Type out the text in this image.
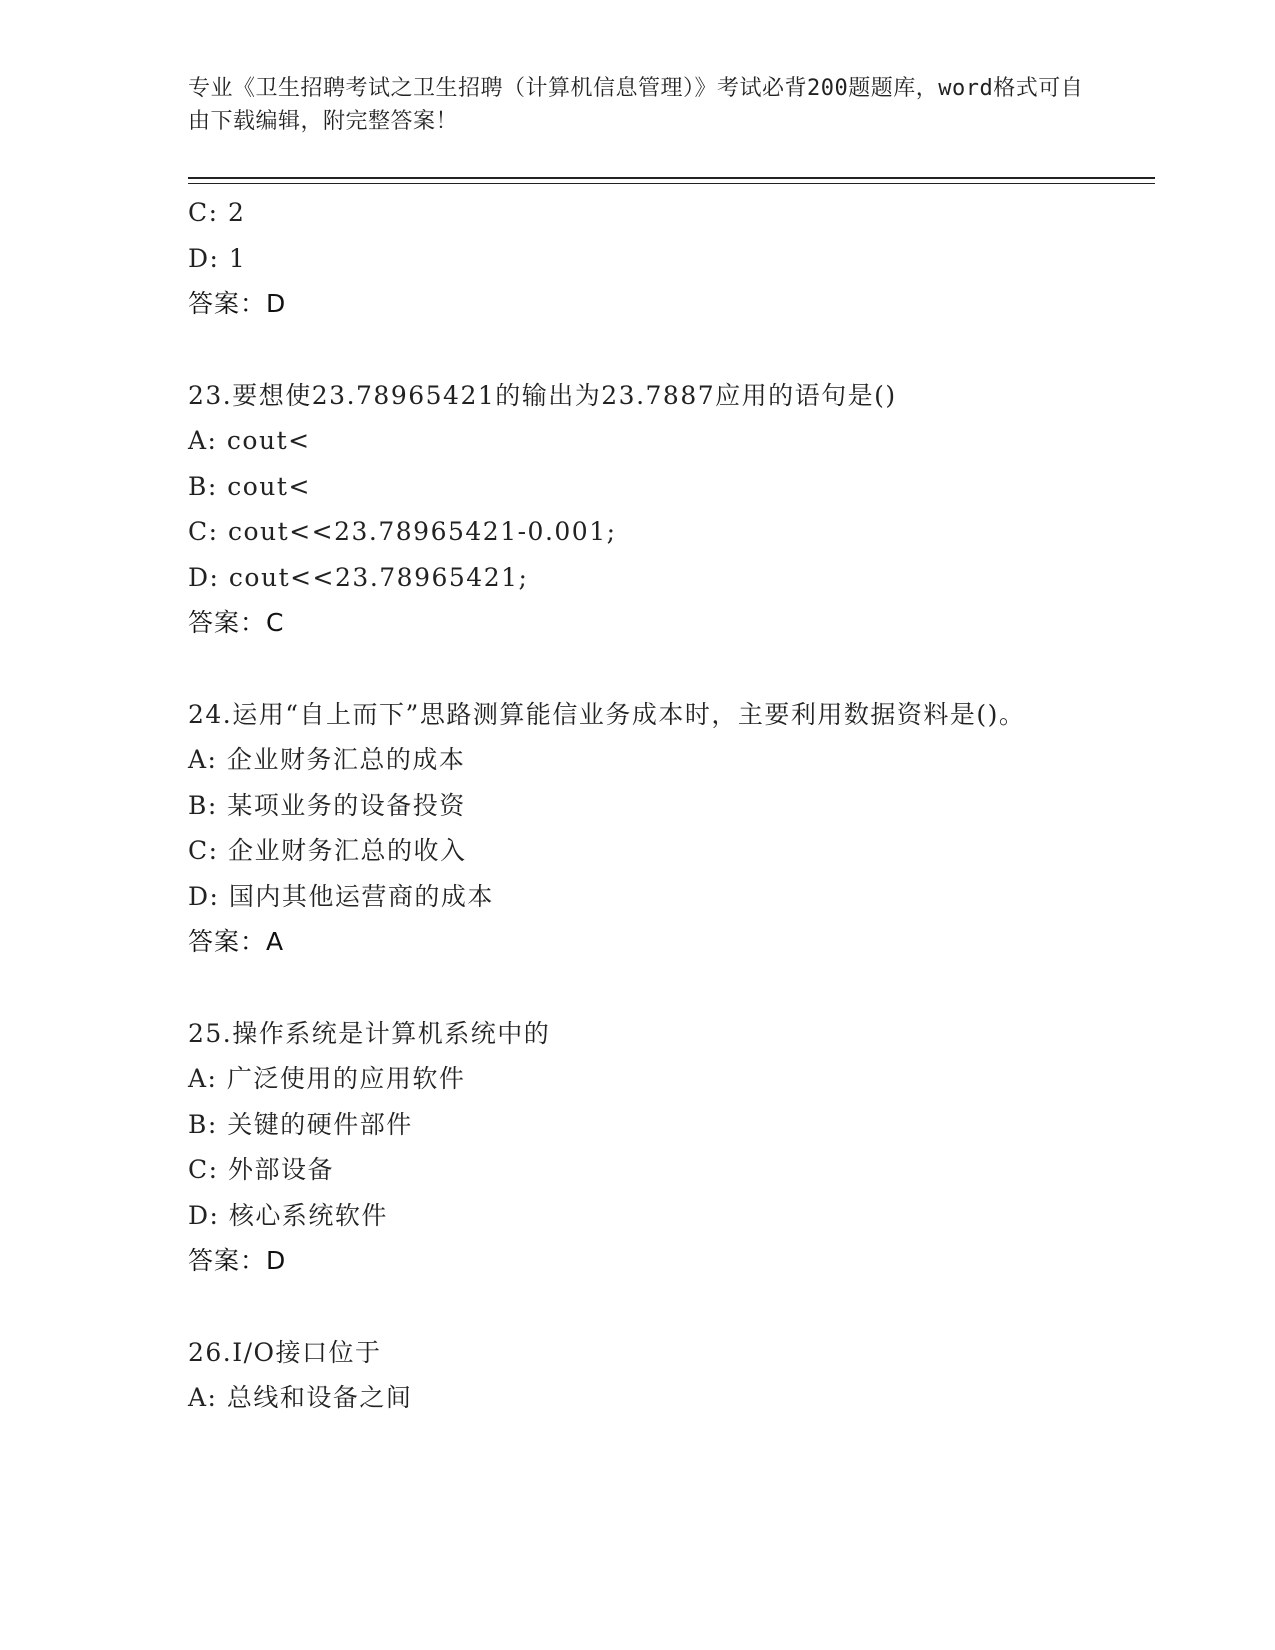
专业《卫生招聘考试之卫生招聘（计算机信息管理）》考试必背200题题库，word格式可自由下载编辑，附完整答案！
C: 2
D: 1
答案：D
23.要想使23.78965421的输出为23.7887应用的语句是()
A: cout<
B: cout<
C: cout<<23.78965421-0.001;
D: cout<<23.78965421;
答案：C
24.运用“自上而下”思路测算能信业务成本时，主要利用数据资料是()。
A: 企业财务汇总的成本
B: 某项业务的设备投资
C: 企业财务汇总的收入
D: 国内其他运营商的成本
答案：A
25.操作系统是计算机系统中的
A: 广泛使用的应用软件
B: 关键的硬件部件
C: 外部设备
D: 核心系统软件
答案：D
26.I/O接口位于
A: 总线和设备之间
